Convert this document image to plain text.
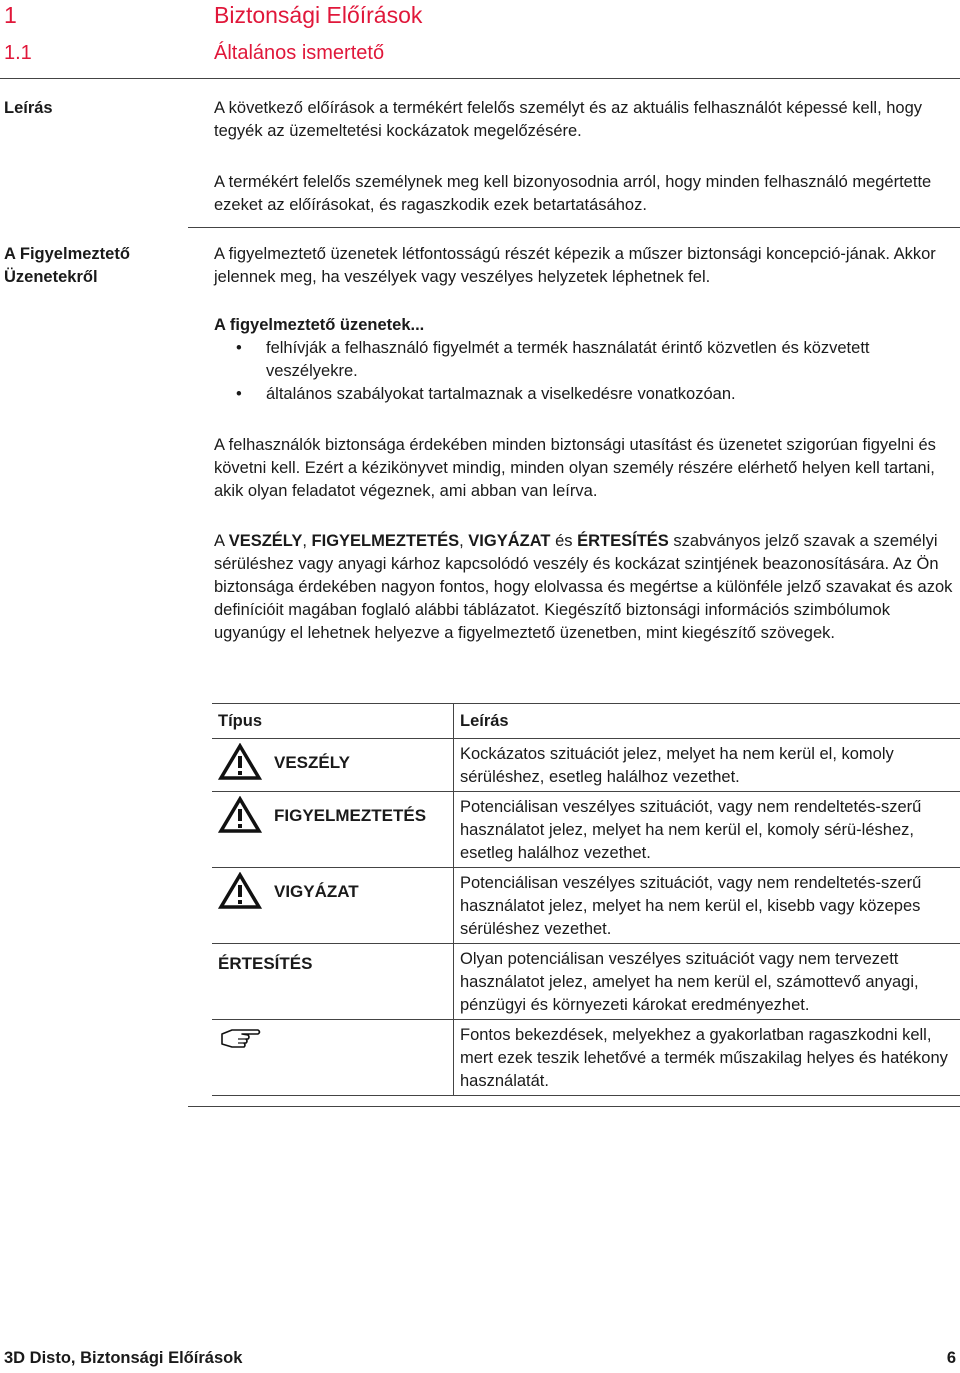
1	Biztonsági Előírások
1.1	Általános ismertető
Leírás	A következő előírások a termékért felelős személyt és az aktuális felhasználót képessé kell, hogy tegyék az üzemeltetési kockázatok megelőzésére.
A termékért felelős személynek meg kell bizonyosodnia arról, hogy minden felhasználó megértette ezeket az előírásokat, és ragaszkodik ezek betartatásához.
A Figyelmeztető
Üzenetekről
A figyelmeztető üzenetek létfontosságú részét képezik a műszer biztonsági koncepció-jának. Akkor jelennek meg, ha veszélyek vagy veszélyes helyzetek léphetnek fel.
A figyelmeztető üzenetek...
• felhívják a felhasználó figyelmét a termék használatát érintő közvetlen és közvetett veszélyekre.
• általános szabályokat tartalmaznak a viselkedésre vonatkozóan.
A felhasználók biztonsága érdekében minden biztonsági utasítást és üzenetet szigorúan figyelni és követni kell. Ezért a kézikönyvet mindig, minden olyan személy részére elérhető helyen kell tartani, akik olyan feladatot végeznek, ami abban van leírva.
A VESZÉLY, FIGYELMEZTETÉS, VIGYÁZAT és ÉRTESÍTÉS szabványos jelző szavak a személyi sérüléshez vagy anyagi kárhoz kapcsolódó veszély és kockázat szintjének beazonosítására. Az Ön biztonsága érdekében nagyon fontos, hogy elolvassa és megértse a különféle jelző szavakat és azok definícióit magában foglaló alábbi táblázatot. Kiegészítő biztonsági információs szimbólumok ugyanúgy el lehetnek helyezve a figyelmeztető üzenetben, mint kiegészítő szövegek.
Típus	Leírás

VESZÉLY	Kockázatos szituációt jelez, melyet ha nem kerül el, komoly sérüléshez, esetleg halálhoz vezethet.

FIGYELMEZTETÉS	Potenciálisan veszélyes szituációt, vagy nem rendeltetés-szerű használatot jelez, melyet ha nem kerül el, komoly sérü-léshez, esetleg halálhoz vezethet.

VIGYÁZAT	Potenciálisan veszélyes szituációt, vagy nem rendeltetés-szerű használatot jelez, melyet ha nem kerül el, kisebb vagy közepes sérüléshez vezethet.

ÉRTESÍTÉS	Olyan potenciálisan veszélyes szituációt vagy nem tervezett használatot jelez, amelyet ha nem kerül el, számottevő anyagi, pénzügyi és környezeti károkat eredményezhet.

	Fontos bekezdések, melyekhez a gyakorlatban ragaszkodni kell, mert ezek teszik lehetővé a termék műszakilag helyes és hatékony használatát.
3D Disto, Biztonsági Előírások	6
